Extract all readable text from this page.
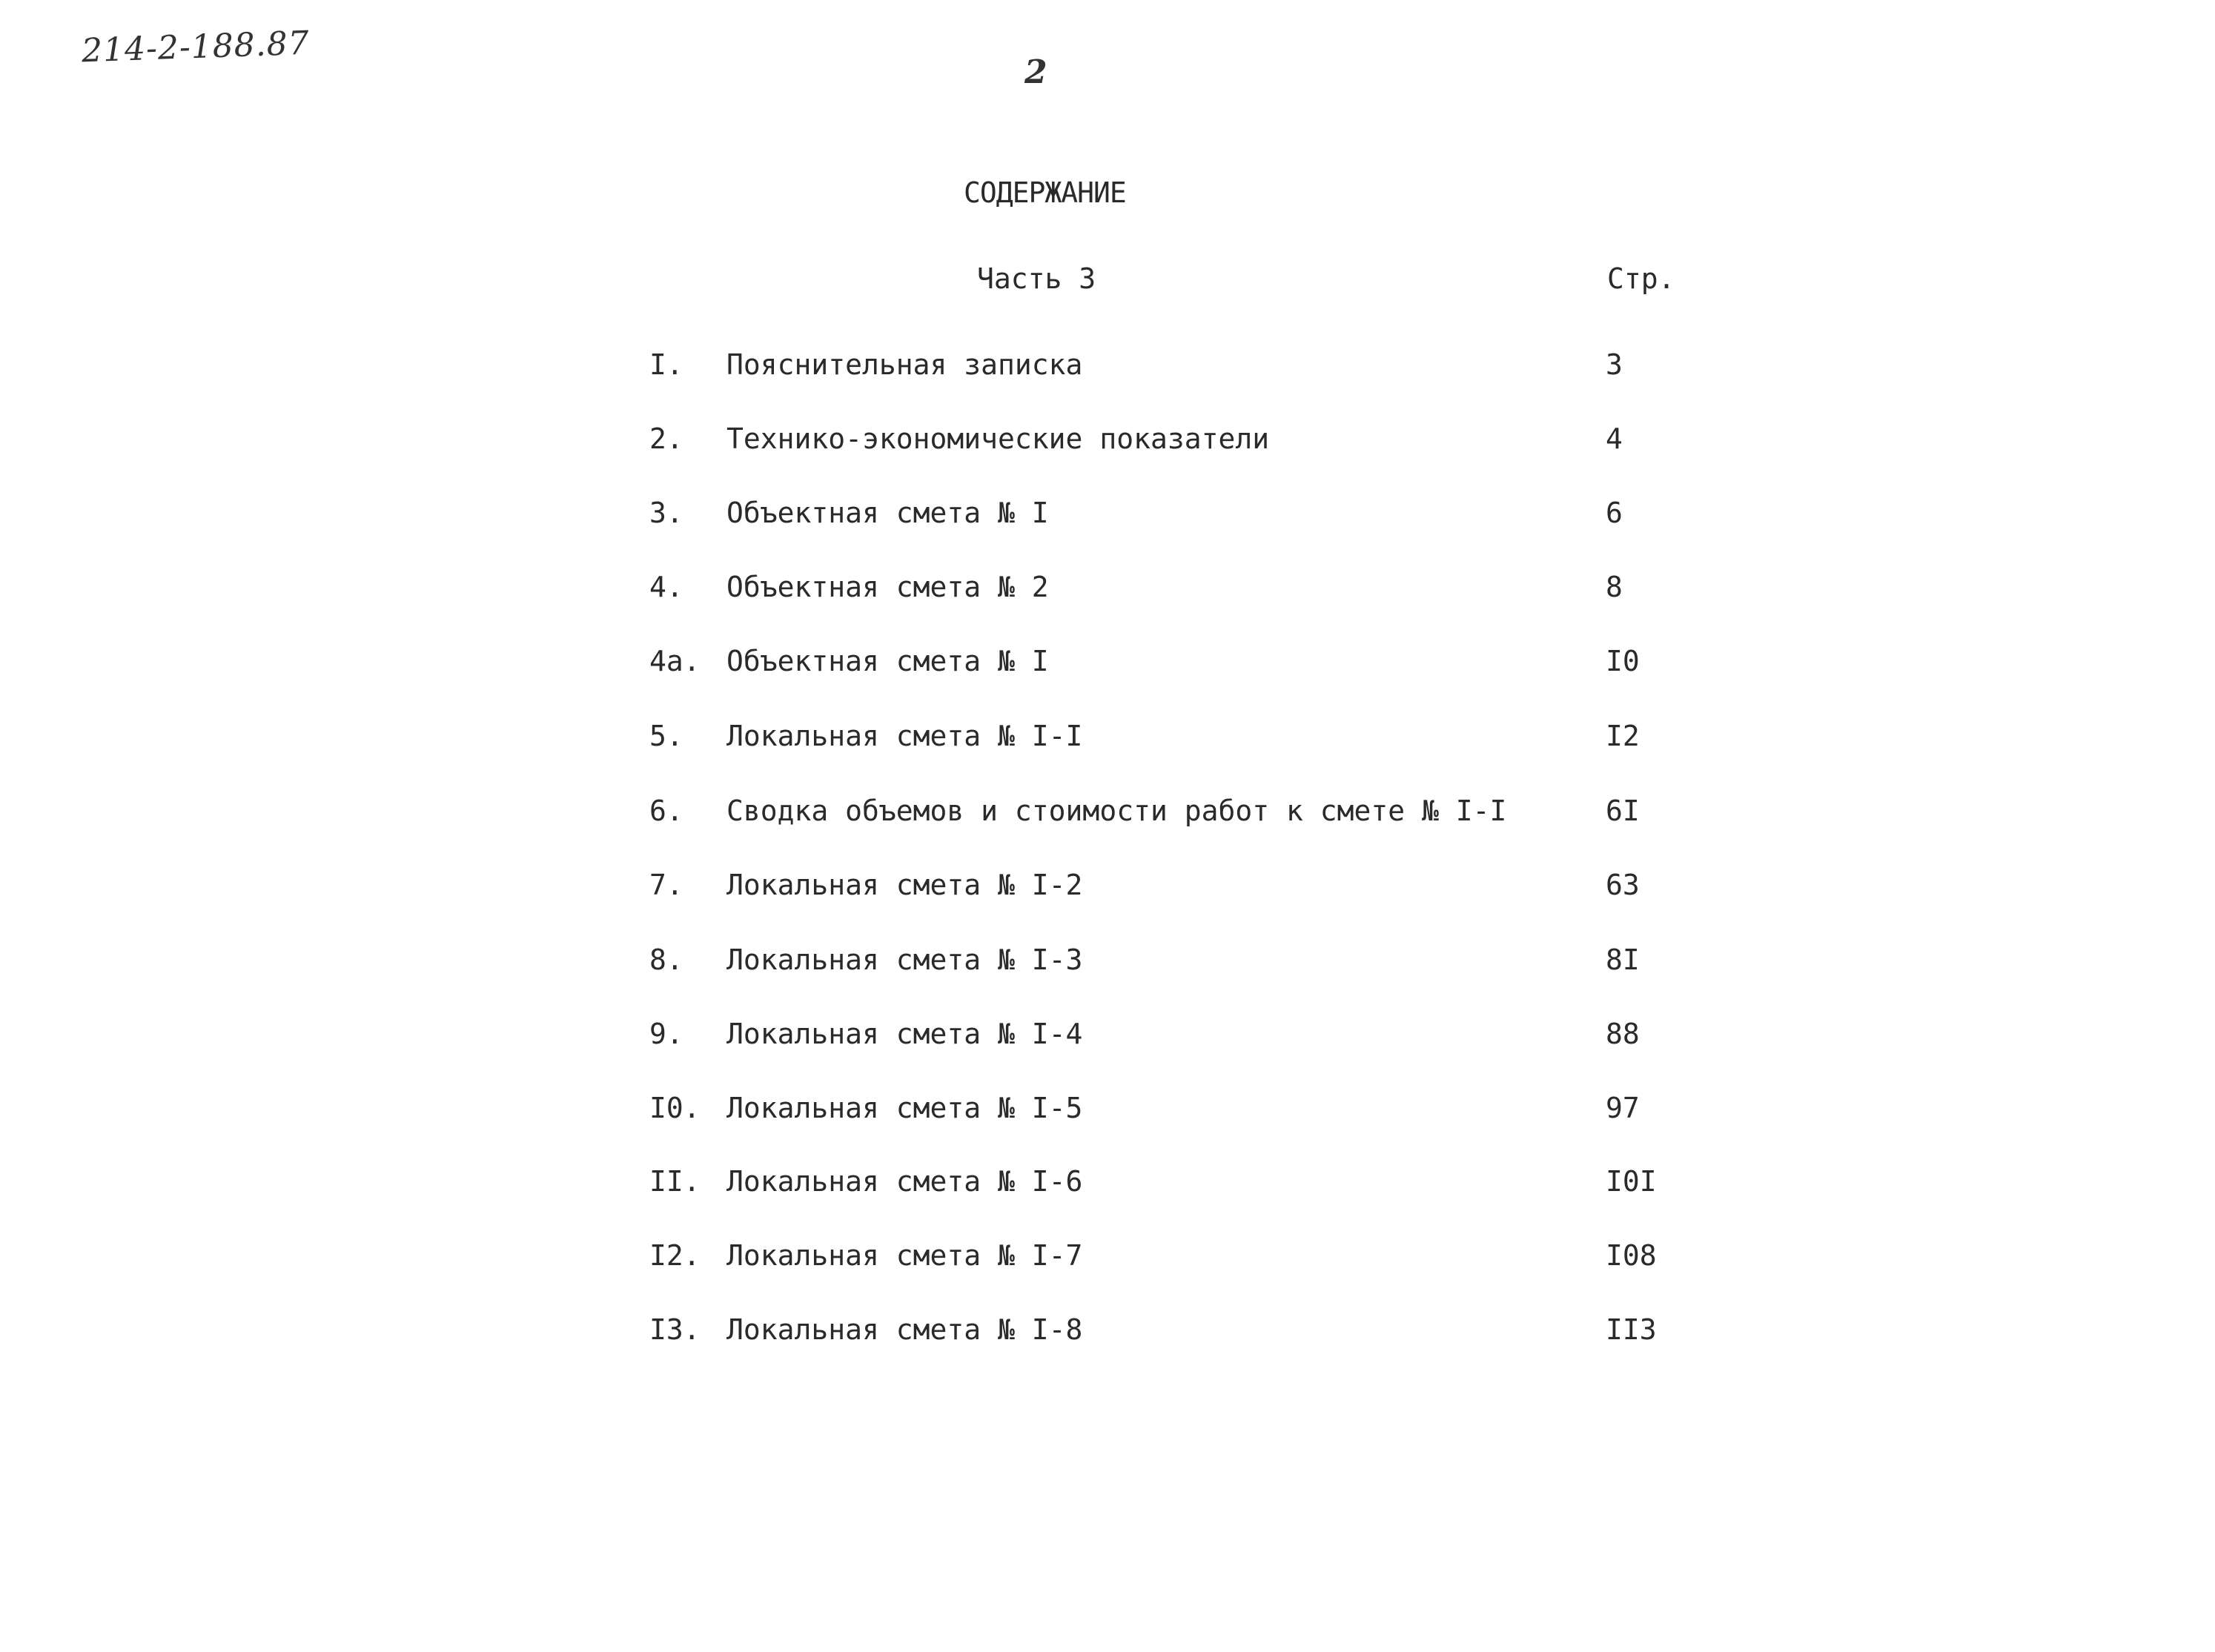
214-2-188.87
2
СОДЕРЖАНИЕ
Часть 3	Стр.
I. Пояснительная записка	3
2. Технико-экономические показатели	4
3. Объектная смета № I	6
4. Объектная смета № 2	8
4а. Объектная смета № I	I0
5. Локальная смета № I-I	I2
6. Сводка объемов и стоимости работ к смете № I-I	6I
7. Локальная смета № I-2	63
8. Локальная смета № I-3	8I
9. Локальная смета № I-4	88
I0. Локальная смета № I-5	97
II. Локальная смета № I-6	I0I
I2. Локальная смета № I-7	I08
I3. Локальная смета № I-8	II3
